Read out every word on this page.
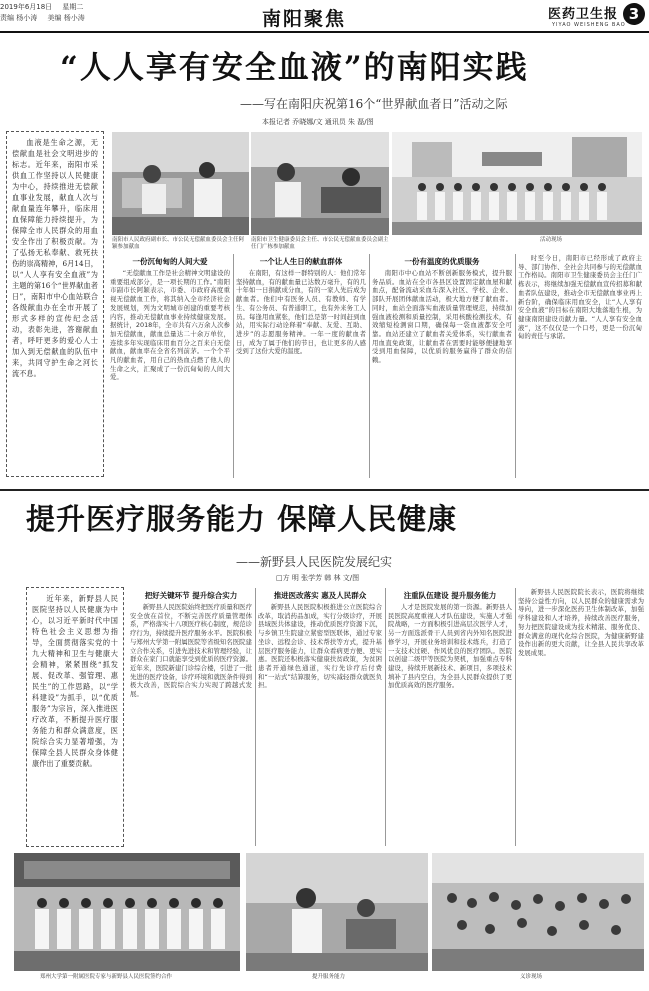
2019年6月18日 星期二
责编 杨小涛 美编 杨小涛	南阳聚焦	医药卫生报
YIYAO WEISHENG BAO
3
“人人享有安全血液”的南阳实践
——写在南阳庆祝第16个“世界献血者日”活动之际
本报记者 乔晓娜/文 通讯员 朱 磊/图

血液是生命之源，无偿献血是社会文明进步的标志。近年来，南阳市采供血工作坚持以人民健康为中心，持续推进无偿献血事业发展，献血人次与献血量连年攀升，临床用血保障能力持续提升，为保障全市人民群众的用血安全作出了积极贡献。为了弘扬无私奉献、救死扶伤的崇高精神，6月14日，以“人人享有安全血液”为主题的第16个“世界献血者日”，南阳市中心血站联合各级献血办在全市开展了形式多样的宣传纪念活动，表彰先进，答谢献血者，呼吁更多的爱心人士加入到无偿献血的队伍中来，共同守护生命之河长流不息。

南阳市人民政府副市长、市公民无偿献血委员会主任阿颖参加献血
南阳市卫生健康委员会主任、市公民无偿献血委员会副主任门广栋参加献血
活动现场
一份沉甸甸的人间大爱

“无偿献血工作是社会精神文明建设的重要组成部分，是一项长期的工作。”南阳市副市长阿颖表示，市委、市政府高度重视无偿献血工作，将其纳入全市经济社会发展规划，列为文明城市创建的重要考核内容，推动无偿献血事业持续健康发展。据统计，2018年，全市共有六万余人次参加无偿献血，献血总量达二十余万单位，连续多年实现临床用血百分之百来自无偿献血，献血率在全省名列前茅。一个个平凡的献血者，用自己的热血点燃了他人的生命之火，汇聚成了一份沉甸甸的人间大爱。

一个让人生日的献血群体

在南阳，有这样一群特别的人：他们常年坚持献血，有的献血量已达数万毫升，有的几十年如一日捐献成分血，有的一家人先后成为献血者。他们中有医务人员、有教师、有学生、有公务员、有普通职工，也有外来务工人员。每逢用血紧张，他们总是第一时间赶到血站，用实际行动诠释着“奉献、友爱、互助、进步”的志愿服务精神。一年一度的献血者日，成为了属于他们的节日，也让更多的人感受到了这份大爱的温度。

一份有温度的优质服务

南阳市中心血站不断创新服务模式，提升服务品质。血站在全市各县区设置固定献血屋和献血点，配备流动采血车深入社区、学校、企业、部队开展团体献血活动，极大地方便了献血者。同时，血站全面落实血液质量管理规范，持续加强血液检测和质量控制，采用核酸检测技术，有效缩短检测窗口期，确保每一袋血液都安全可靠。血站还建立了献血者关爱体系，实行献血者用血直免政策，让献血者在需要时能够便捷地享受到用血保障，以优质的服务赢得了群众的信赖。

时至今日，南阳市已经形成了政府主导、部门协作、全社会共同参与的无偿献血工作格局。南阳市卫生健康委员会主任门广栋表示，将继续加强无偿献血宣传招募和献血者队伍建设，推动全市无偿献血事业再上新台阶，确保临床用血安全，让“人人享有安全血液”的目标在南阳大地落地生根，为健康南阳建设贡献力量。“人人享有安全血液”，这不仅仅是一个口号，更是一份沉甸甸的责任与承诺。

提升医疗服务能力 保障人民健康
——新野县人民医院发展纪实
□方 明 张学芳 韩 林 文/图

近年来，新野县人民医院坚持以人民健康为中心，以习近平新时代中国特色社会主义思想为指导，全面贯彻落实党的十九大精神和卫生与健康大会精神，紧紧围绕“抓发展、促改革、强管理、惠民生”的工作思路，以“学科建设”为抓手，以“优质服务”为宗旨，深入推进医疗改革，不断提升医疗服务能力和群众满意度，医院综合实力显著增强，为保障全县人民群众身体健康作出了重要贡献。

把好关键环节 提升综合实力

新野县人民医院始终把医疗质量和医疗安全放在首位，不断完善医疗质量管理体系，严格落实十八项医疗核心制度，规范诊疗行为，持续提升医疗服务水平。医院积极与郑州大学第一附属医院等省级知名医院建立合作关系，引进先进技术和管理经验，让群众在家门口就能享受到优质的医疗资源。近年来，医院新建门诊综合楼，引进了一批先进的医疗设备，诊疗环境和就医条件得到极大改善，医院综合实力实现了跨越式发展。

推进医改落实 惠及人民群众

新野县人民医院积极推进公立医院综合改革，取消药品加成，实行分级诊疗，开展县域医共体建设，推动优质医疗资源下沉，与乡镇卫生院建立紧密型医联体，通过专家坐诊、远程会诊、技术帮扶等方式，提升基层医疗服务能力，让群众看病更方便、更实惠。医院还积极落实健康扶贫政策，为贫困患者开通绿色通道，实行先诊疗后付费和“一站式”结算服务，切实减轻群众就医负担。

注重队伍建设 提升服务能力

人才是医院发展的第一资源。新野县人民医院高度重视人才队伍建设，实施人才强院战略，一方面积极引进高层次医学人才，另一方面选派骨干人员到省内外知名医院进修学习，开展业务培训和技术练兵，打造了一支技术过硬、作风优良的医疗团队。医院以创建二级甲等医院为契机，加强重点专科建设，持续开展新技术、新项目，多项技术填补了县内空白，为全县人民群众提供了更加优质高效的医疗服务。

新野县人民医院院长表示，医院将继续坚持公益性方向，以人民群众的健康需求为导向，进一步深化医药卫生体制改革，加强学科建设和人才培养，持续改善医疗服务，努力把医院建设成为技术精湛、服务优良、群众满意的现代化综合医院，为健康新野建设作出新的更大贡献，让全县人民共享改革发展成果。

郑州大学第一附属医院专家与新野县人民医院签约合作	提升服务能力	义诊现场
